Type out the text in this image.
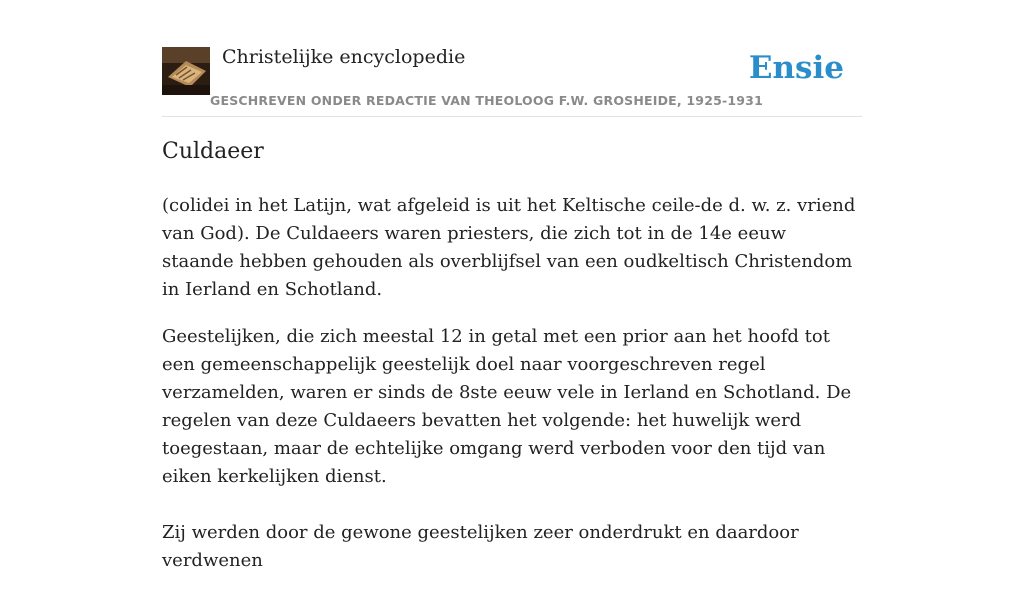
Christelijke encyclopedie
GESCHREVEN ONDER REDACTIE VAN THEOLOOG F.W. GROSHEIDE, 1925-1931
Ensie
Culdaeer

(colidei in het Latijn, wat afgeleid is uit het Keltische ceile-de d. w. z. vriend van God). De Culdaeers waren priesters, die zich tot in de 14e eeuw staande hebben gehouden als overblijfsel van een oudkeltisch Christendom in Ierland en Schotland.

Geestelijken, die zich meestal 12 in getal met een prior aan het hoofd tot een gemeenschappelijk geestelijk doel naar voorgeschreven regel verzamelden, waren er sinds de 8ste eeuw vele in Ierland en Schotland. De regelen van deze Culdaeers bevatten het volgende: het huwelijk werd toegestaan, maar de echtelijke omgang werd verboden voor den tijd van eiken kerkelijken dienst.

Zij werden door de gewone geestelijken zeer onderdrukt en daardoor verdwenen
